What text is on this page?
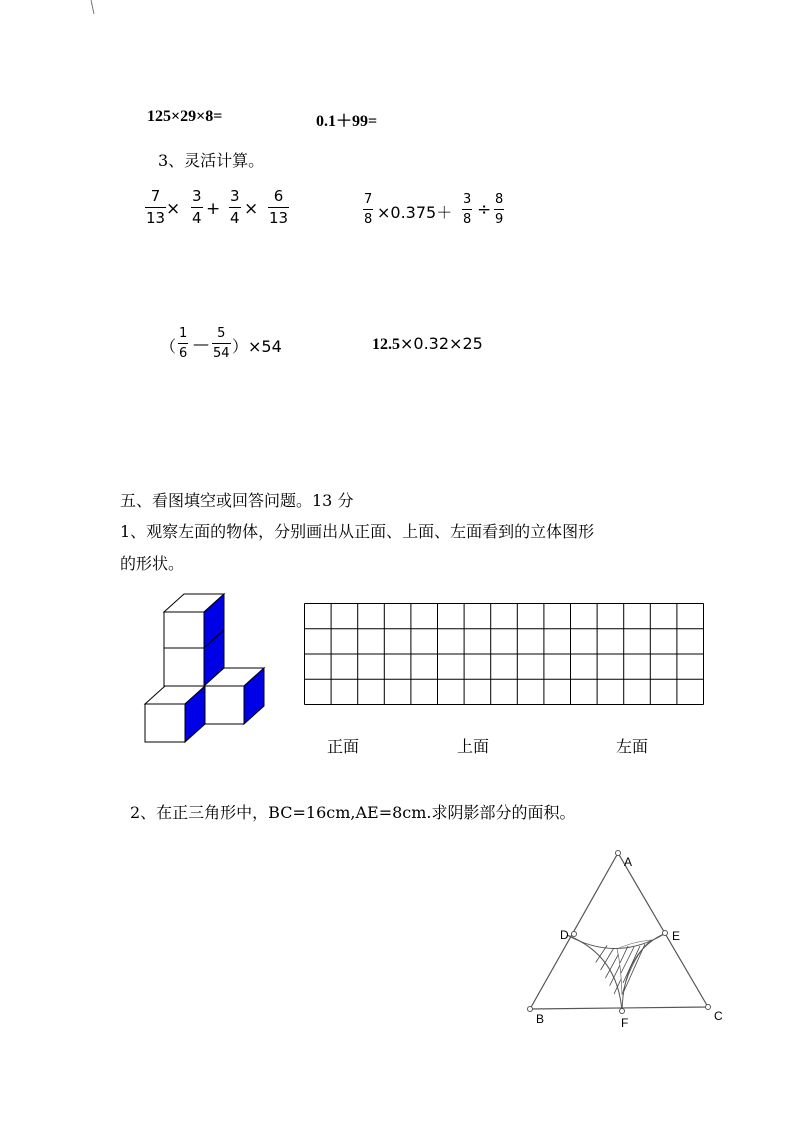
125×29×8=	0.1＋99=
3、灵活计算。
$\frac{7}{13} \times \frac{3}{4} + \frac{3}{4} \times \frac{6}{13}$	$\frac{7}{8} \times 0.375+ \frac{3}{8} \div \frac{8}{9}$
（ $\frac{1}{6}$ — $\frac{5}{54} )\times 54$	12.5×0.32×25
五、看图填空或回答问题。13 分
1、观察左面的物体，分别画出从正面、上面、左面看到的立体图形
的形状。
正面	上面	左面
2、在正三角形中，BC=16cm,AE=8cm.求阴影部分的面积。
A
B	C
D	E
F
